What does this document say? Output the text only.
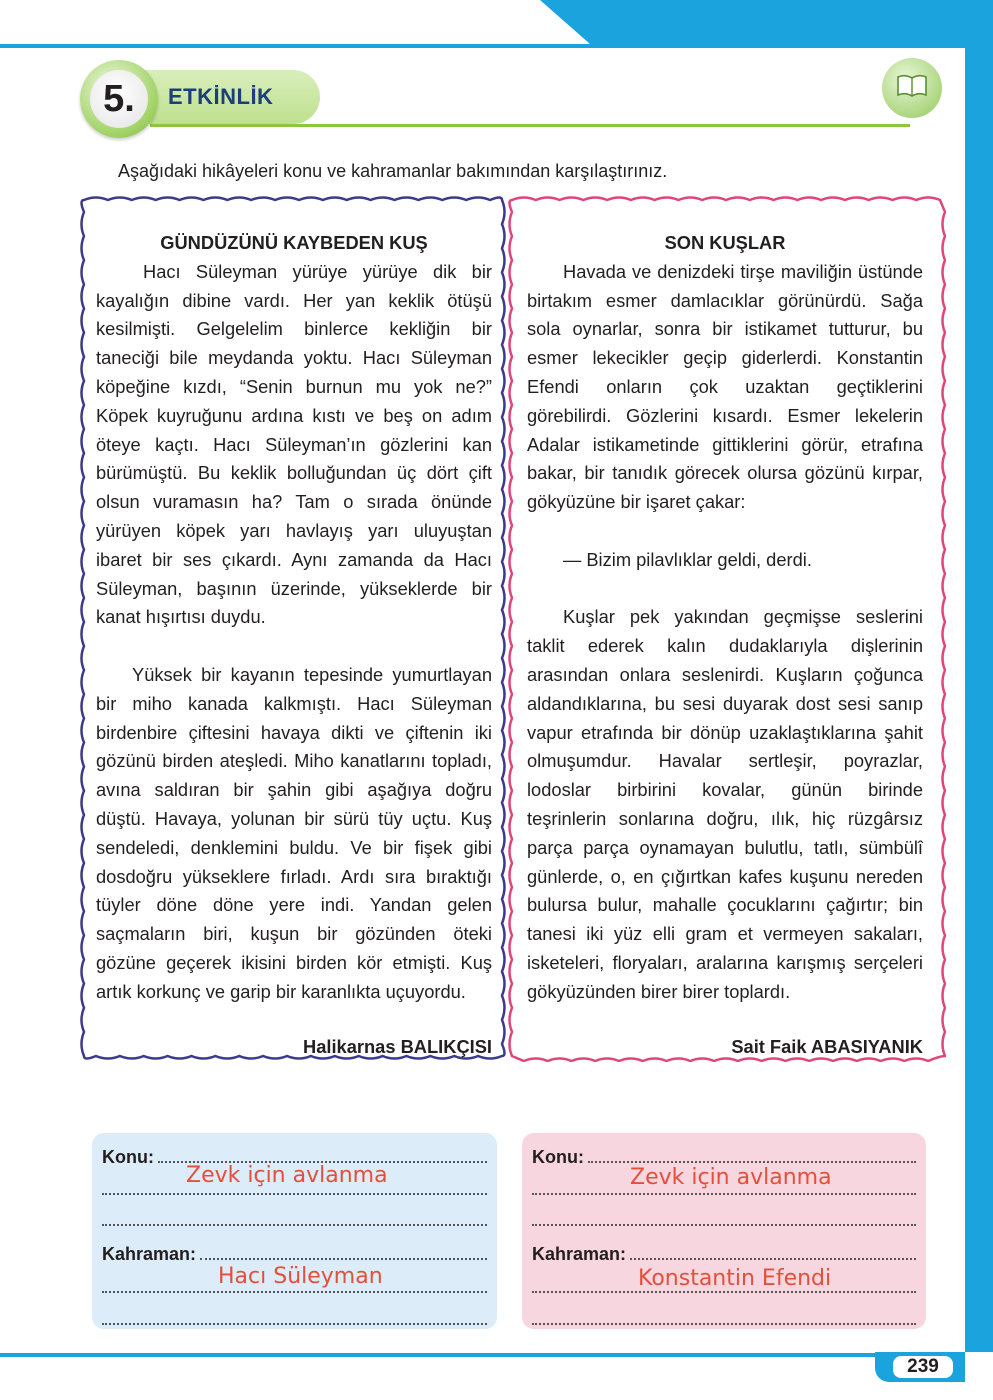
239
5.	ETKİNLİK
Aşağıdaki hikâyeleri konu ve kahramanlar bakımından karşılaştırınız.
GÜNDÜZÜNÜ KAYBEDEN KUŞ

Hacı Süleyman yürüye yürüye dik bir kayalığın dibine vardı. Her yan keklik ötüşü kesilmişti. Gelgelelim binlerce kekliğin bir taneciği bile meydanda yoktu. Hacı Süleyman köpeğine kızdı, “Senin burnun mu yok ne?” Köpek kuyruğunu ardına kıstı ve beş on adım öteye kaçtı. Hacı Süleyman’ın gözlerini kan bürümüştü. Bu keklik bolluğundan üç dört çift olsun vuramasın ha? Tam o sırada önünde yürüyen köpek yarı havlayış yarı uluyuştan ibaret bir ses çıkardı. Aynı zamanda da Hacı Süleyman, başının üzerinde, yükseklerde bir kanat hışırtısı duydu.

Yüksek bir kayanın tepesinde yumurtlayan bir miho kanada kalkmıştı. Hacı Süleyman birdenbire çiftesini havaya dikti ve çiftenin iki gözünü birden ateşledi. Miho kanatlarını topladı, avına saldıran bir şahin gibi aşağıya doğru düştü. Havaya, yolunan bir sürü tüy uçtu. Kuş sendeledi, denklemini buldu. Ve bir fişek gibi dosdoğru yükseklere fırladı. Ardı sıra bıraktığı tüyler döne döne yere indi. Yandan gelen saçmaların biri, kuşun bir gözünden öteki gözüne geçerek ikisini birden kör etmişti. Kuş artık korkunç ve garip bir karanlıkta uçuyordu.

Halikarnas BALIKÇISI
SON KUŞLAR

Havada ve denizdeki tirşe maviliğin üstünde birtakım esmer damlacıklar görünürdü. Sağa sola oynarlar, sonra bir istikamet tutturur, bu esmer lekecikler geçip giderlerdi. Konstantin Efendi onların çok uzaktan geçtiklerini görebilirdi. Gözlerini kısardı. Esmer lekelerin Adalar istikametinde gittiklerini görür, etrafına bakar, bir tanıdık görecek olursa gözünü kırpar, gökyüzüne bir işaret çakar:

— Bizim pilavlıklar geldi, derdi.

Kuşlar pek yakından geçmişse seslerini taklit ederek kalın dudaklarıyla dişlerinin arasından onlara seslenirdi. Kuşların çoğunca aldandıklarına, bu sesi duyarak dost sesi sanıp vapur etrafında bir dönüp uzaklaştıklarına şahit olmuşumdur. Havalar sertleşir, poyrazlar, lodoslar birbirini kovalar, günün birinde teşrinlerin sonlarına doğru, ılık, hiç rüzgârsız parça parça oynamayan bulutlu, tatlı, sümbülî günlerde, o, en çığırtkan kafes kuşunu nereden bulursa bulur, mahalle çocuklarını çağırtır; bin tanesi iki yüz elli gram et vermeyen sakaları, isketeleri, floryaları, aralarına karışmış serçeleri gökyüzünden birer birer toplardı.

Sait Faik ABASIYANIK
Konu:
Kahraman:
Zevk için avlanma
Hacı Süleyman
Konu:
Kahraman:
Zevk için avlanma
Konstantin Efendi
